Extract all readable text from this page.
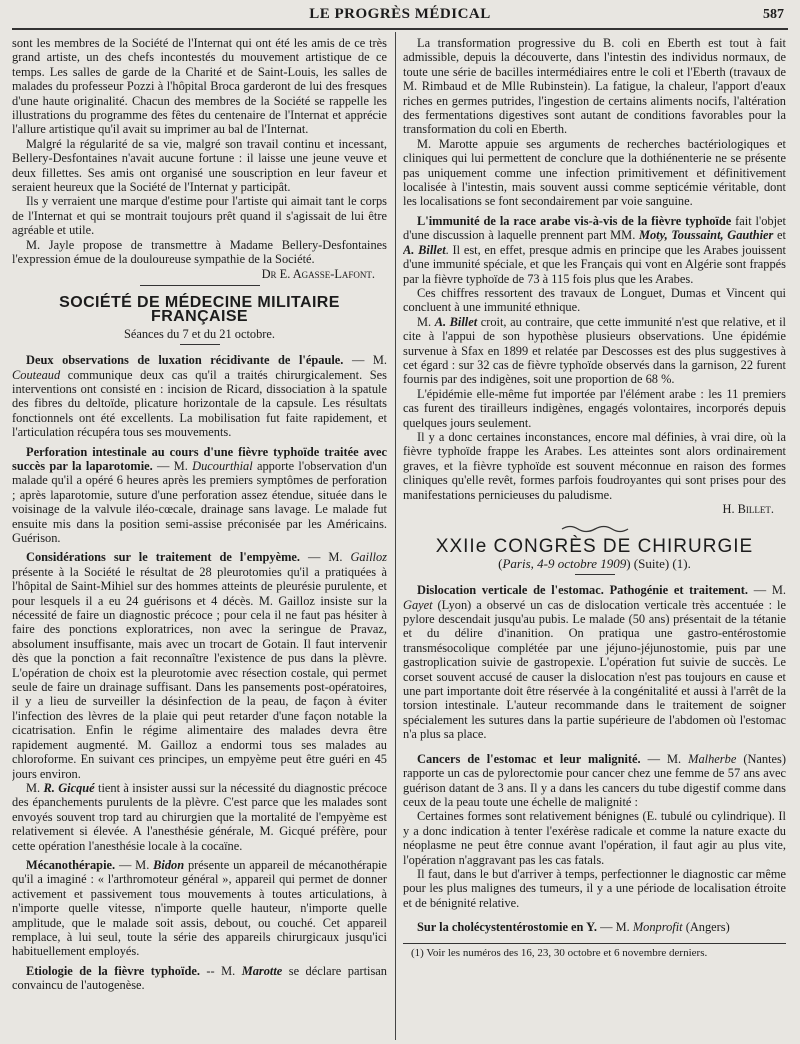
LE PROGRÈS MÉDICAL	587

sont les membres de la Société de l'Internat qui ont été les amis de ce très grand artiste, un des chefs incontestés du mouvement artistique de ce temps. Les salles de garde de la Charité et de Saint-Louis, les salles de malades du professeur Pozzi à l'hôpital Broca garderont de lui des fresques d'une haute originalité. Chacun des membres de la Société se rappelle les illustrations du programme des fêtes du centenaire de l'Internat et apprécie l'allure artistique qu'il avait su imprimer au bal de l'Internat.

Malgré la régularité de sa vie, malgré son travail continu et incessant, Bellery-Desfontaines n'avait aucune fortune : il laisse une jeune veuve et deux fillettes. Ses amis ont organisé une souscription en leur faveur et seraient heureux que la Société de l'Internat y participât.

Ils y verraient une marque d'estime pour l'artiste qui aimait tant le corps de l'Internat et qui se montrait toujours prêt quand il s'agissait de lui être agréable et utile.

M. Jayle propose de transmettre à Madame Bellery-Desfontaines l'expression émue de la douloureuse sympathie de la Société.

Dr E. Agasse-Lafont.

SOCIÉTÉ DE MÉDECINE MILITAIRE FRANÇAISE
Séances du 7 et du 21 octobre.

Deux observations de luxation récidivante de l'épaule. — M. Couteaud communique deux cas qu'il a traités chirurgicalement. Ses interventions ont consisté en : incision de Ricard, dissociation à la spatule des fibres du deltoïde, plicature horizontale de la capsule. Les résultats fonctionnels ont été excellents. La mobilisation fut faite rapidement, et l'articulation récupéra tous ses mouvements.

Perforation intestinale au cours d'une fièvre typhoïde traitée avec succès par la laparotomie. — M. Ducourthial apporte l'observation d'un malade qu'il a opéré 6 heures après les premiers symptômes de perforation ; après laparotomie, suture d'une perforation assez étendue, située dans le voisinage de la valvule iléo-cœcale, drainage sans lavage. Le malade fut ensuite mis dans la position semi-assise préconisée par les Américains. Guérison.

Considérations sur le traitement de l'empyème. — M. Gailloz présente à la Société le résultat de 28 pleurotomies qu'il a pratiquées à l'hôpital de Saint-Mihiel sur des hommes atteints de pleurésie purulente, et pour lesquels il a eu 24 guérisons et 4 décès. M. Gailloz insiste sur la nécessité de faire un diagnostic précoce ; pour cela il ne faut pas hésiter à faire des ponctions exploratrices, non avec la seringue de Pravaz, absolument insuffisante, mais avec un trocart de Gotain. Il faut intervenir dès que la ponction a fait reconnaître l'existence de pus dans la plèvre. L'opération de choix est la pleurotomie avec résection costale, qui permet seule de faire un drainage suffisant. Dans les pansements post-opératoires, il y a lieu de surveiller la désinfection de la peau, de façon à éviter l'infection des lèvres de la plaie qui peut retarder d'une façon notable la cicatrisation. Enfin le régime alimentaire des malades devra être rapidement augmenté. M. Gailloz a endormi tous ses malades au chloroforme. En suivant ces principes, un empyème peut être guéri en 45 jours environ.

M. R. Gicqué tient à insister aussi sur la nécessité du diagnostic précoce des épanchements purulents de la plèvre. C'est parce que les malades sont envoyés souvent trop tard au chirurgien que la mortalité de l'empyème est relativement si élevée. A l'anesthésie générale, M. Gicqué préfère, pour cette opération l'anesthésie locale à la cocaïne.

Mécanothérapie. — M. Bidon présente un appareil de mécanothérapie qu'il a imaginé : « l'arthromoteur général », appareil qui permet de donner activement et passivement tous mouvements à toutes articulations, à n'importe quelle vitesse, n'importe quelle hauteur, n'importe quelle amplitude, que le malade soit assis, debout, ou couché. Cet appareil remplace, à lui seul, toute la série des appareils chirurgicaux jusqu'ici habituellement employés.

Etiologie de la fièvre typhoïde. -- M. Marotte se déclare partisan convaincu de l'autogenèse.

La transformation progressive du B. coli en Eberth est tout à fait admissible, depuis la découverte, dans l'intestin des individus normaux, de toute une série de bacilles intermédiaires entre le coli et l'Eberth (travaux de M. Rimbaud et de Mlle Rubinstein). La fatigue, la chaleur, l'apport d'eaux riches en germes putrides, l'ingestion de certains aliments nocifs, l'altération des fermentations digestives sont autant de conditions favorables pour la transformation du coli en Eberth.

M. Marotte appuie ses arguments de recherches bactériologiques et cliniques qui lui permettent de conclure que la dothiénenterie ne se présente pas uniquement comme une infection primitivement et définitivement localisée à l'intestin, mais souvent aussi comme septicémie véritable, dont les localisations se font secondairement par voie sanguine.

L'immunité de la race arabe vis-à-vis de la fièvre typhoïde fait l'objet d'une discussion à laquelle prennent part MM. Moty, Toussaint, Gauthier et A. Billet. Il est, en effet, presque admis en principe que les Arabes jouissent d'une immunité spéciale, et que les Français qui vont en Algérie sont frappés par la fièvre typhoïde de 73 à 115 fois plus que les Arabes.

Ces chiffres ressortent des travaux de Longuet, Dumas et Vincent qui concluent à une immunité ethnique.

M. A. Billet croit, au contraire, que cette immunité n'est que relative, et il cite à l'appui de son hypothèse plusieurs observations. Une épidémie survenue à Sfax en 1899 et relatée par Descosses est des plus suggestives à cet égard : sur 32 cas de fièvre typhoïde observés dans la garnison, 22 furent fournis par des indigènes, soit une proportion de 68 %.

L'épidémie elle-même fut importée par l'élément arabe : les 11 premiers cas furent des tirailleurs indigènes, engagés volontaires, incorporés depuis quelques jours seulement.

Il y a donc certaines inconstances, encore mal définies, à vrai dire, où la fièvre typhoïde frappe les Arabes. Les atteintes sont alors ordinairement graves, et la fièvre typhoïde est souvent méconnue en raison des formes cliniques qu'elle revêt, formes parfois foudroyantes qui sont prises pour des manifestations pernicieuses du paludisme.

H. Billet.

XXIIe CONGRÈS DE CHIRURGIE
(Paris, 4-9 octobre 1909) (Suite) (1).

Dislocation verticale de l'estomac. Pathogénie et traitement. — M. Gayet (Lyon) a observé un cas de dislocation verticale très accentuée : le pylore descendait jusqu'au pubis. Le malade (50 ans) présentait de la tétanie et du délire d'inanition. On pratiqua une gastro-entérostomie transmésocolique complétée par une jéjuno-jéjunostomie, puis par une gastroplication suivie de gastropexie. L'opération fut suivie de succès. Le corset souvent accusé de causer la dislocation n'est pas toujours en cause et une part importante doit être réservée à la congénitalité et aussi à l'arrêt de la torsion intestinale. L'auteur recommande dans le traitement de soigner spécialement les sutures dans la partie supérieure de l'abdomen où l'estomac n'a plus sa place.

Cancers de l'estomac et leur malignité. — M. Malherbe (Nantes) rapporte un cas de pylorectomie pour cancer chez une femme de 57 ans avec guérison datant de 3 ans. Il y a dans les cancers du tube digestif comme dans ceux de la peau toute une échelle de malignité :

Certaines formes sont relativement bénignes (E. tubulé ou cylindrique). Il y a donc indication à tenter l'exérèse radicale et comme la nature exacte du néoplasme ne peut être connue avant l'opération, il faut agir au plus vite, l'opération n'aggravant pas les cas fatals.

Il faut, dans le but d'arriver à temps, perfectionner le diagnostic car même pour les plus malignes des tumeurs, il y a une période de localisation étroite et de bénignité relative.

Sur la cholécystentérostomie en Y. — M. Monprofit (Angers)

(1) Voir les numéros des 16, 23, 30 octobre et 6 novembre derniers.
